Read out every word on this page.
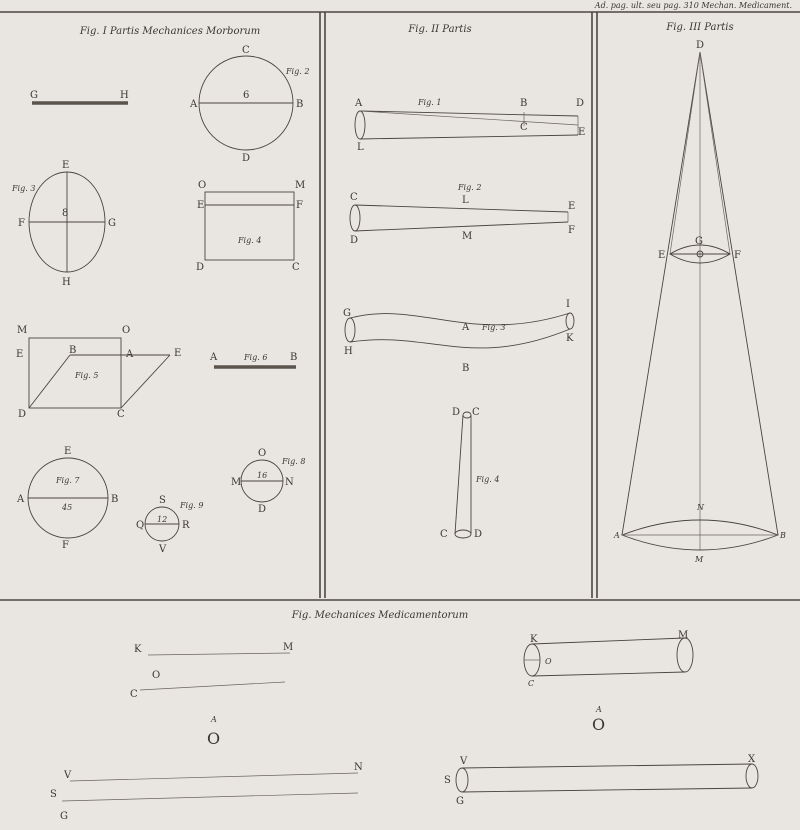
Ad. pag. ult. seu pag. 310 Mechan. Medicament.
Fig. I Partis Mechanices Morborum
G	H
C
A	B
D
6
Fig. 2
E
F	G
H
8
Fig. 3	O	M
E	F
D	C
Fig. 4
M	O
E	B	A	E
D	C
Fig. 5
A	B
Fig. 6
E
A	B
F
45
Fig. 7
O
M	N
D
16
Fig. 8
S
Q	R
V
12
Fig. 9
Fig. II Partis
A
L
B
C
D
E
Fig. 1
C
D
L
M
E
F
Fig. 2
G
H
I
K
A
B
Fig. 3
D C
C	D
Fig. 4
Fig. III Partis
D
G
E	F
N
A	B
M
Fig. Mechanices Medicamentorum
K	M
O
C
A
O
V
N
S
G
K	M
O
C
A
O
V	X
S
G
